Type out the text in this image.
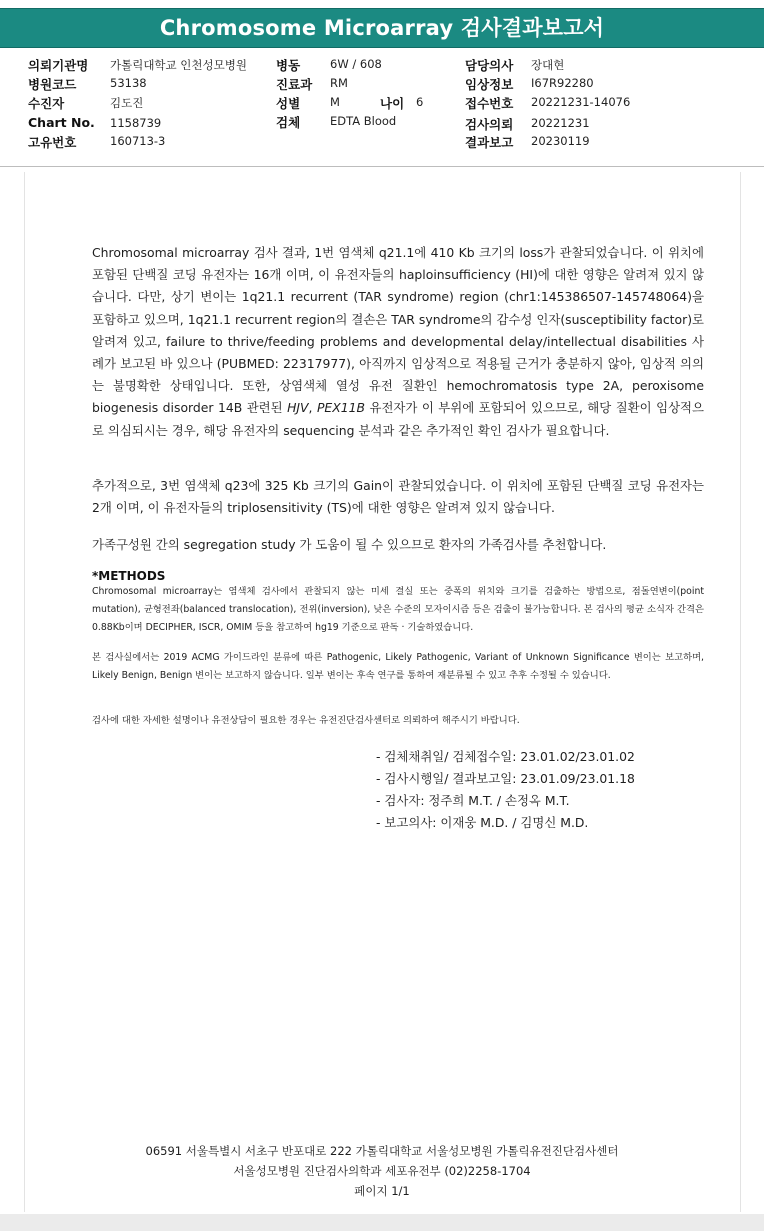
Chromosome Microarray 검사결과보고서
의뢰기관명 가톨릭대학교 인천성모병원
병원코드	53138
수진자	김도진
Chart No. 1158739
고유번호	160713-3
병동	6W / 608
진료과 RM
성별	M	나이 6
검체	EDTA Blood
담당의사 장대현
임상정보 I67R92280
접수번호 20221231-14076
검사의뢰 20221231
결과보고 20230119

Chromosomal microarray 검사 결과, 1번 염색체 q21.1에 410 Kb 크기의 loss가 관찰되었습니다. 이 위치에 포함된 단백질 코딩 유전자는 16개 이며, 이 유전자들의 haploinsufficiency (HI)에 대한 영향은 알려져 있지 않습니다. 다만, 상기 변이는 1q21.1 recurrent (TAR syndrome) region (chr1:145386507-145748064)을 포함하고 있으며, 1q21.1 recurrent region의 결손은 TAR syndrome의 감수성 인자(susceptibility factor)로 알려져 있고, failure to thrive/feeding problems and developmental delay/intellectual disabilities 사례가 보고된 바 있으나 (PUBMED: 22317977), 아직까지 임상적으로 적용될 근거가 충분하지 않아, 임상적 의의는 불명확한 상태입니다. 또한, 상염색체 열성 유전 질환인 hemochromatosis type 2A, peroxisome biogenesis disorder 14B 관련된 HJV, PEX11B 유전자가 이 부위에 포함되어 있으므로, 해당 질환이 임상적으로 의심되시는 경우, 해당 유전자의 sequencing 분석과 같은 추가적인 확인 검사가 필요합니다.

추가적으로, 3번 염색체 q23에 325 Kb 크기의 Gain이 관찰되었습니다. 이 위치에 포함된 단백질 코딩 유전자는 2개 이며, 이 유전자들의 triplosensitivity (TS)에 대한 영향은 알려져 있지 않습니다.

가족구성원 간의 segregation study 가 도움이 될 수 있으므로 환자의 가족검사를 추천합니다.

*METHODS

Chromosomal microarray는 염색체 검사에서 관찰되지 않는 미세 결실 또는 중폭의 위치와 크기를 검출하는 방법으로, 점돌연변이(point mutation), 균형전좌(balanced translocation), 전위(inversion), 낮은 수준의 모자이시즘 등은 검출이 불가능합니다. 본 검사의 평균 소식자 간격은 0.88Kb이며 DECIPHER, ISCR, OMIM 등을 참고하여 hg19 기준으로 판독 · 기술하였습니다.

본 검사실에서는 2019 ACMG 가이드라인 분류에 따른 Pathogenic, Likely Pathogenic, Variant of Unknown Significance 변이는 보고하며, Likely Benign, Benign 변이는 보고하지 않습니다. 일부 변이는 후속 연구를 통하여 재분류될 수 있고 추후 수정될 수 있습니다.

검사에 대한 자세한 설명이나 유전상담이 필요한 경우는 유전진단검사센터로 의뢰하여 해주시기 바랍니다.

- 검체채취일/ 검체접수일: 23.01.02/23.01.02
- 검사시행일/ 결과보고일: 23.01.09/23.01.18
- 검사자: 정주희 M.T. / 손정옥 M.T.
- 보고의사: 이재웅 M.D. / 김명신 M.D.
06591 서울특별시 서초구 반포대로 222 가톨릭대학교 서울성모병원 가톨릭유전진단검사센터
서울성모병원 진단검사의학과 세포유전부 (02)2258-1704
페이지 1/1
